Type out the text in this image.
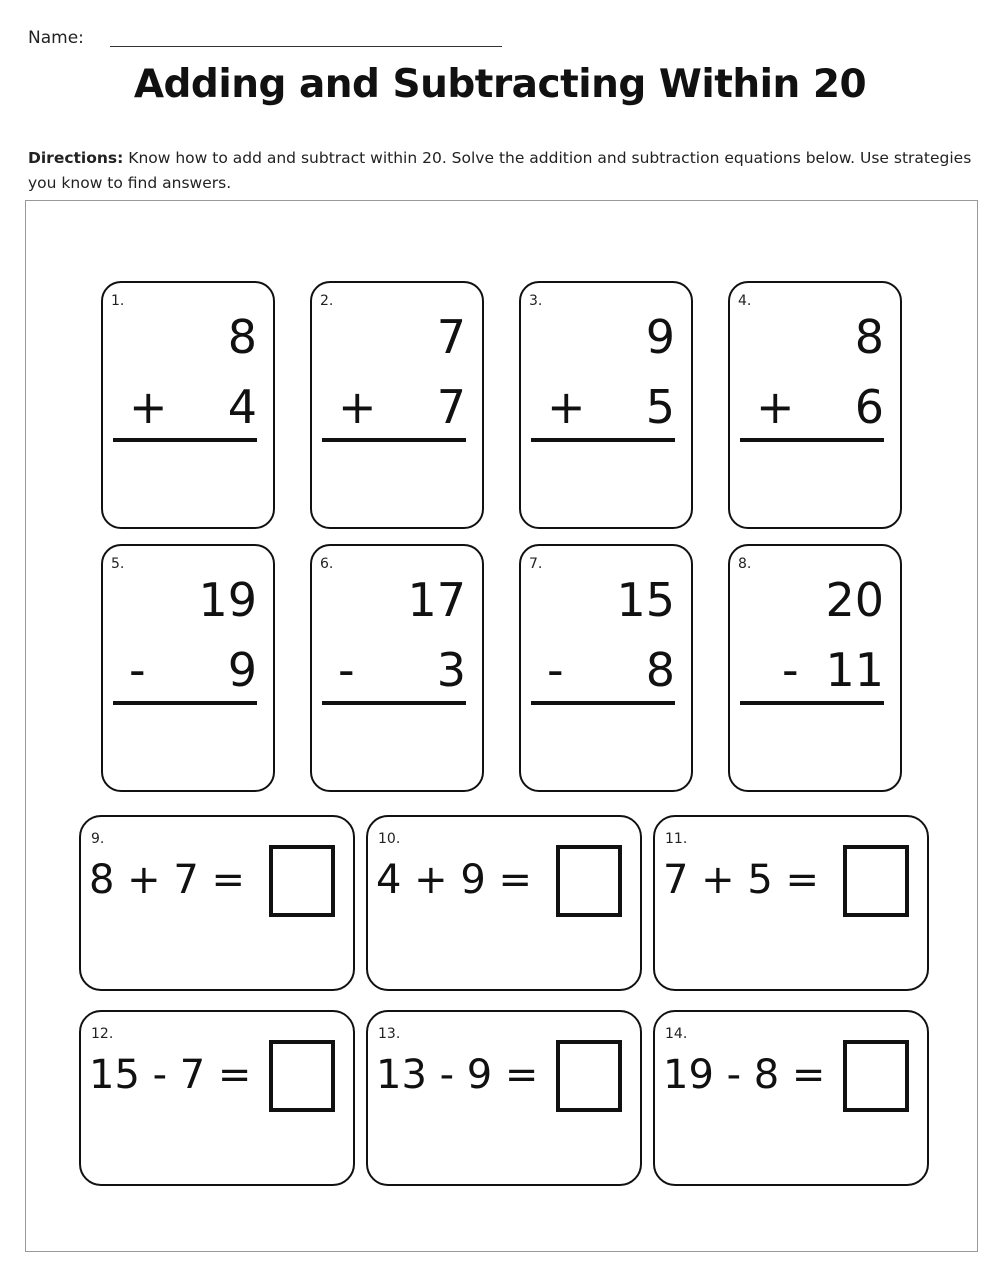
Name:
Adding and Subtracting Within 20
Directions: Know how to add and subtract within 20. Solve the addition and subtraction equations below. Use strategies you know to find answers.
1.
8
+ 4
2.
7
+ 7
3.
9
+ 5
4.
8
+ 6
5.
19
- 9
6.
17
- 3
7.
15
- 8
8.
20
- 11
9.
8 + 7 =
10.
4 + 9 =
11.
7 + 5 =
12.
15 - 7 =
13.
13 - 9 =
14.
19 - 8 =
